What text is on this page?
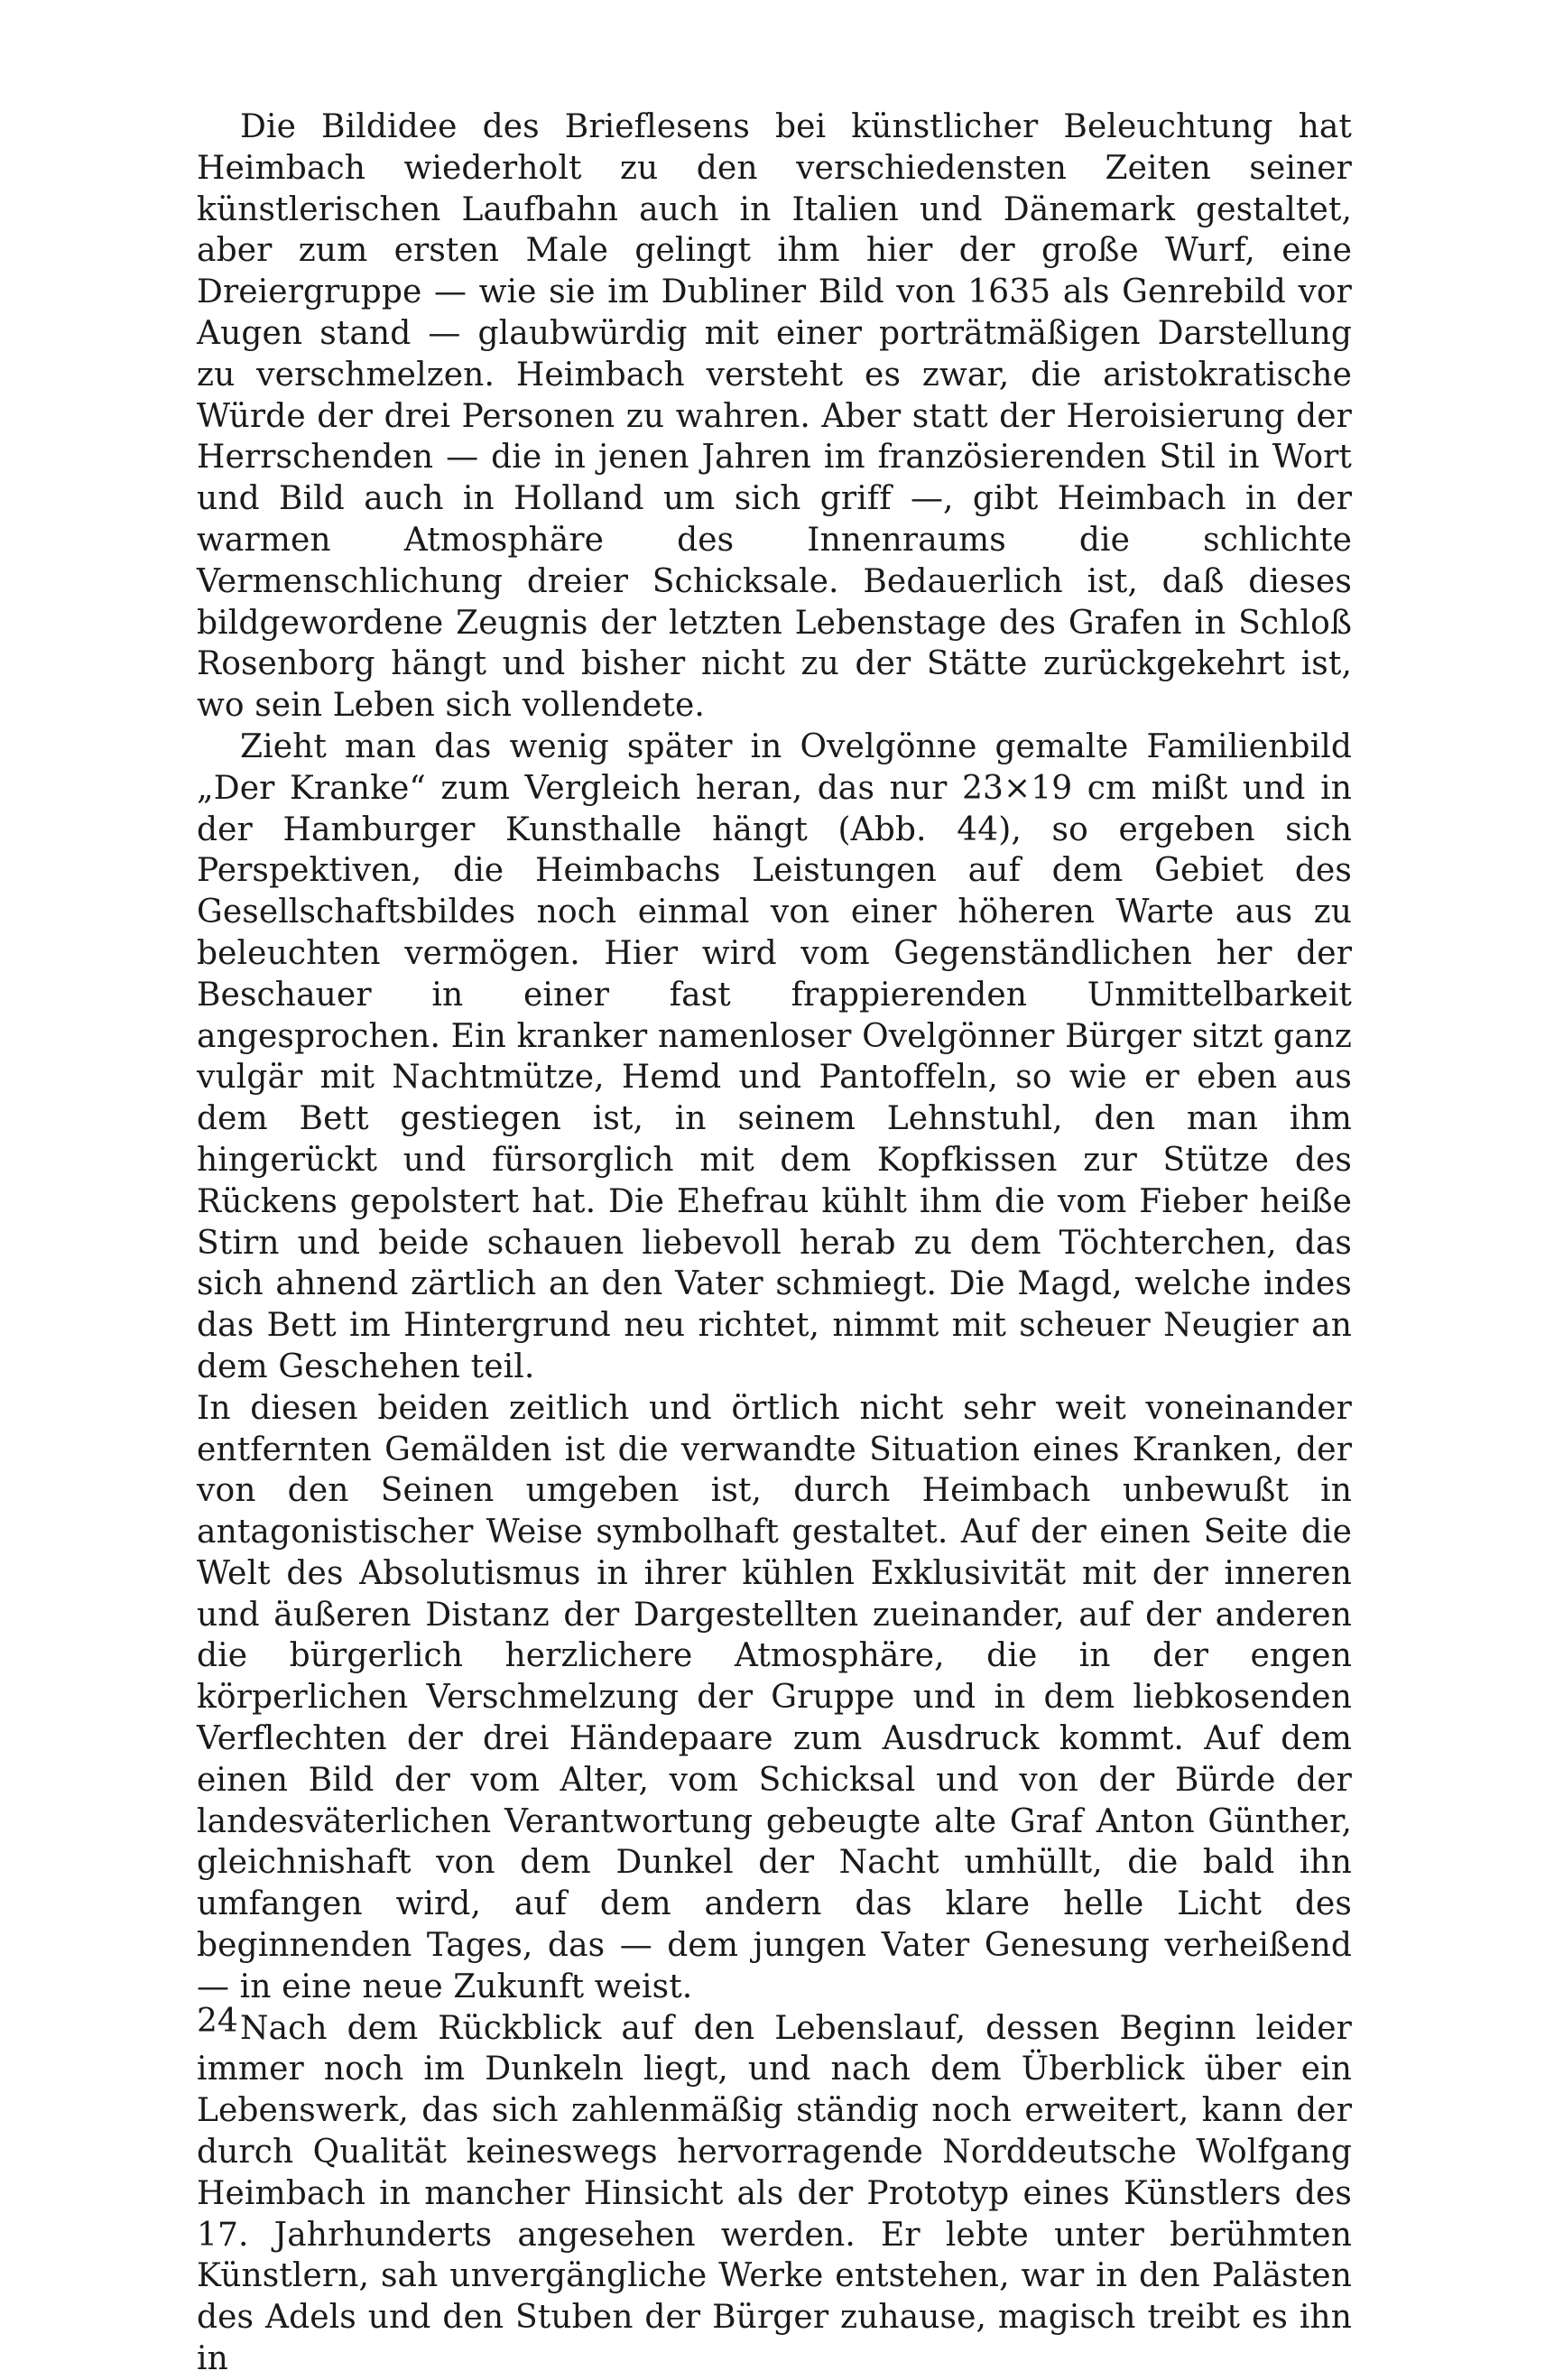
Die Bildidee des Brieflesens bei künstlicher Beleuchtung hat Heimbach wiederholt zu den verschiedensten Zeiten seiner künstlerischen Laufbahn auch in Italien und Dänemark gestaltet, aber zum ersten Male gelingt ihm hier der große Wurf, eine Dreiergruppe — wie sie im Dubliner Bild von 1635 als Genrebild vor Augen stand — glaubwürdig mit einer porträtmäßigen Darstellung zu verschmelzen. Heimbach versteht es zwar, die aristokratische Würde der drei Personen zu wahren. Aber statt der Heroisierung der Herrschenden — die in jenen Jahren im französierenden Stil in Wort und Bild auch in Holland um sich griff —, gibt Heimbach in der warmen Atmosphäre des Innenraums die schlichte Vermenschlichung dreier Schicksale. Bedauerlich ist, daß dieses bildgewordene Zeugnis der letzten Lebenstage des Grafen in Schloß Rosenborg hängt und bisher nicht zu der Stätte zurückgekehrt ist, wo sein Leben sich vollendete.

Zieht man das wenig später in Ovelgönne gemalte Familienbild „Der Kranke“ zum Vergleich heran, das nur 23×19 cm mißt und in der Hamburger Kunsthalle hängt (Abb. 44), so ergeben sich Perspektiven, die Heimbachs Leistungen auf dem Gebiet des Gesellschaftsbildes noch einmal von einer höheren Warte aus zu beleuchten vermögen. Hier wird vom Gegenständlichen her der Beschauer in einer fast frappierenden Unmittelbarkeit angesprochen. Ein kranker namenloser Ovelgönner Bürger sitzt ganz vulgär mit Nachtmütze, Hemd und Pantoffeln, so wie er eben aus dem Bett gestiegen ist, in seinem Lehnstuhl, den man ihm hingerückt und fürsorglich mit dem Kopfkissen zur Stütze des Rückens gepolstert hat. Die Ehefrau kühlt ihm die vom Fieber heiße Stirn und beide schauen liebevoll herab zu dem Töchterchen, das sich ahnend zärtlich an den Vater schmiegt. Die Magd, welche indes das Bett im Hintergrund neu richtet, nimmt mit scheuer Neugier an dem Geschehen teil.

In diesen beiden zeitlich und örtlich nicht sehr weit voneinander entfernten Gemälden ist die verwandte Situation eines Kranken, der von den Seinen umgeben ist, durch Heimbach unbewußt in antagonistischer Weise symbolhaft gestaltet. Auf der einen Seite die Welt des Absolutismus in ihrer kühlen Exklusivität mit der inneren und äußeren Distanz der Dargestellten zueinander, auf der anderen die bürgerlich herzlichere Atmosphäre, die in der engen körperlichen Verschmelzung der Gruppe und in dem liebkosenden Verflechten der drei Händepaare zum Ausdruck kommt. Auf dem einen Bild der vom Alter, vom Schicksal und von der Bürde der landesväterlichen Verantwortung gebeugte alte Graf Anton Günther, gleichnishaft von dem Dunkel der Nacht umhüllt, die bald ihn umfangen wird, auf dem andern das klare helle Licht des beginnenden Tages, das — dem jungen Vater Genesung verheißend — in eine neue Zukunft weist.

Nach dem Rückblick auf den Lebenslauf, dessen Beginn leider immer noch im Dunkeln liegt, und nach dem Überblick über ein Lebenswerk, das sich zahlenmäßig ständig noch erweitert, kann der durch Qualität keineswegs hervorragende Norddeutsche Wolfgang Heimbach in mancher Hinsicht als der Prototyp eines Künstlers des 17. Jahrhunderts angesehen werden. Er lebte unter berühmten Künstlern, sah unvergängliche Werke entstehen, war in den Palästen des Adels und den Stuben der Bürger zuhause, magisch treibt es ihn in

24
